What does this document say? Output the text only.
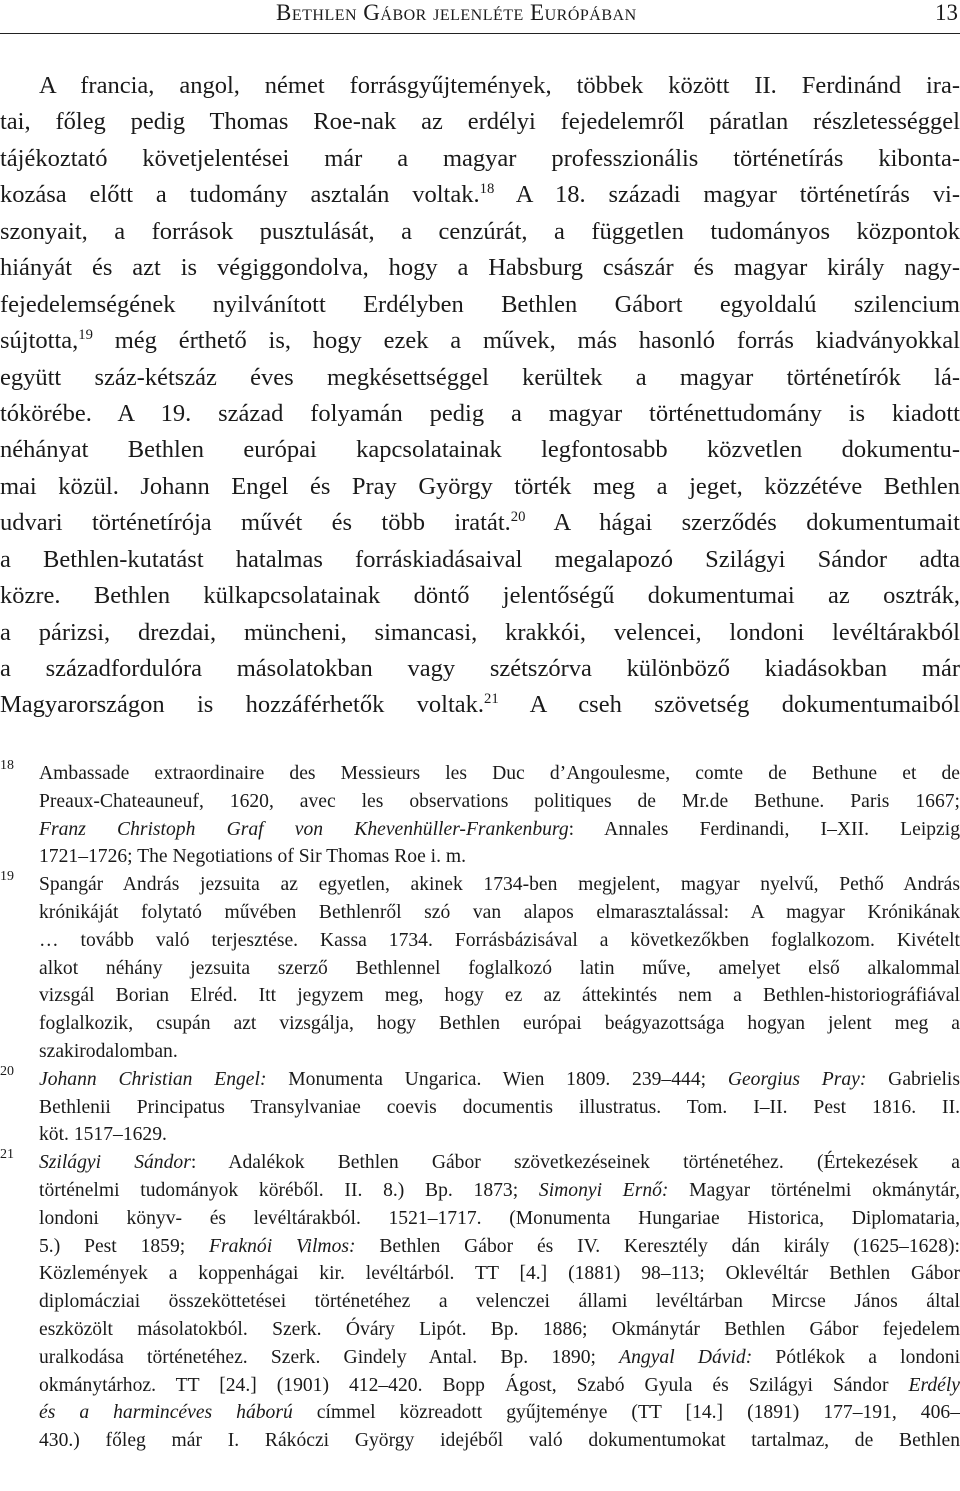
Bethlen Gábor jelenléte Európában	13
A francia, angol, német forrásgyűjtemények, többek között II. Ferdinánd ira-
tai, főleg pedig Thomas Roe-nak az erdélyi fejedelemről páratlan részletességgel
tájékoztató követjelentései már a magyar professzionális történetírás kibonta-
kozása előtt a tudomány asztalán voltak.$^{18}$ A 18. századi magyar történetírás vi-
szonyait, a források pusztulását, a cenzúrát, a független tudományos központok
hiányát és azt is végiggondolva, hogy a Habsburg császár és magyar király nagy-
fejedelemségének nyilvánított Erdélyben Bethlen Gábort egyoldalú szilencium
sújtotta,$^{19}$ még érthető is, hogy ezek a művek, más hasonló forrás kiadványokkal
együtt száz-kétszáz éves megkésettséggel kerültek a magyar történetírók lá-
tókörébe. A 19. század folyamán pedig a magyar történettudomány is kiadott
néhányat Bethlen európai kapcsolatainak legfontosabb közvetlen dokumentu-
mai közül. Johann Engel és Pray György törték meg a jeget, közzétéve Bethlen
udvari történetírója művét és több iratát.$^{20}$ A hágai szerződés dokumentumait
a Bethlen-kutatást hatalmas forráskiadásaival megalapozó Szilágyi Sándor adta
közre. Bethlen külkapcsolatainak döntő jelentőségű dokumentumai az osztrák,
a párizsi, drezdai, müncheni, simancasi, krakkói, velencei, londoni levéltárakból
a századfordulóra másolatokban vagy szétszórva különböző kiadásokban már
Magyarországon is hozzáférhetők voltak.$^{21}$ A cseh szövetség dokumentumaiból
18 Ambassade extraordinaire des Messieurs les Duc d’Angoulesme, comte de Bethune et de
Preaux-Chateauneuf, 1620, avec les observations politiques de Mr.de Bethune. Paris 1667;
Franz Christoph Graf von Khevenhüller-Frankenburg: Annales Ferdinandi, I–XII. Leipzig
1721–1726; The Negotiations of Sir Thomas Roe i. m.
19 Spangár András jezsuita az egyetlen, akinek 1734-ben megjelent, magyar nyelvű, Pethő András
krónikáját folytató művében Bethlenről szó van alapos elmarasztalással: A magyar Krónikának
… tovább való terjesztése. Kassa 1734. Forrásbázisával a következőkben foglalkozom. Kivételt
alkot néhány jezsuita szerző Bethlennel foglalkozó latin műve, amelyet első alkalommal
vizsgál Borian Elréd. Itt jegyzem meg, hogy ez az áttekintés nem a Bethlen-historiográfiával
foglalkozik, csupán azt vizsgálja, hogy Bethlen európai beágyazottsága hogyan jelent meg a
szakirodalomban.
20 Johann Christian Engel: Monumenta Ungarica. Wien 1809. 239–444; Georgius Pray: Gabrielis
Bethlenii Principatus Transylvaniae coevis documentis illustratus. Tom. I–II. Pest 1816. II.
köt. 1517–1629.
21 Szilágyi Sándor: Adalékok Bethlen Gábor szövetkezéseinek történetéhez. (Értekezések a
történelmi tudományok köréből. II. 8.) Bp. 1873; Simonyi Ernő: Magyar történelmi okmánytár,
londoni könyv- és levéltárakból. 1521–1717. (Monumenta Hungariae Historica, Diplomataria,
5.) Pest 1859; Fraknói Vilmos: Bethlen Gábor és IV. Keresztély dán király (1625–1628):
Közlemények a koppenhágai kir. levéltárból. TT [4.] (1881) 98–113; Oklevéltár Bethlen Gábor
diplomácziai összeköttetései történetéhez a velenczei állami levéltárban Mircse János által
eszközölt másolatokból. Szerk. Óváry Lipót. Bp. 1886; Okmánytár Bethlen Gábor fejedelem
uralkodása történetéhez. Szerk. Gindely Antal. Bp. 1890; Angyal Dávid: Pótlékok a londoni
okmánytárhoz. TT [24.] (1901) 412–420. Bopp Ágost, Szabó Gyula és Szilágyi Sándor Erdély
és a harmincéves háború címmel közreadott gyűjteménye (TT [14.] (1891) 177–191, 406–
430.) főleg már I. Rákóczi György idejéből való dokumentumokat tartalmaz, de Bethlen
